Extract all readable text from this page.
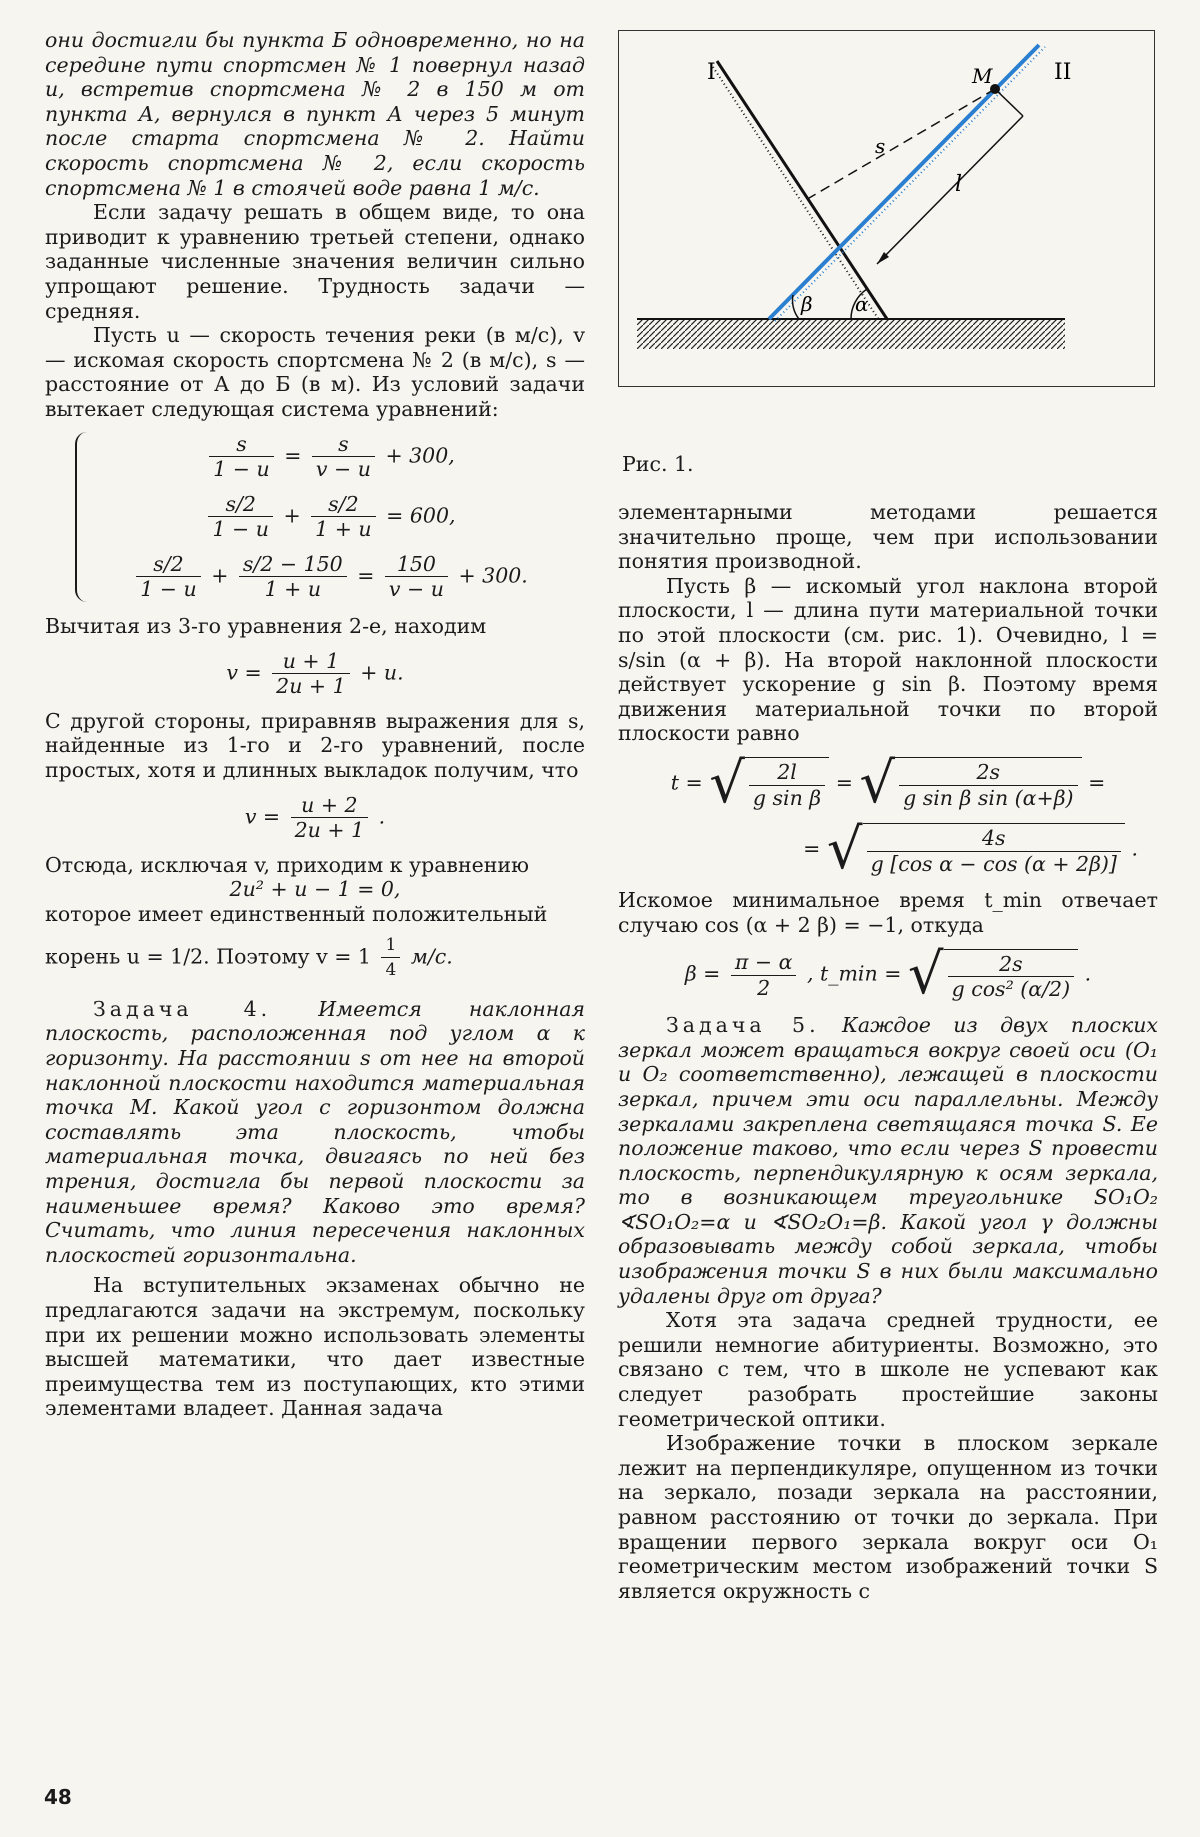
они достигли бы пункта Б одновременно, но на середине пути спортсмен № 1 повернул назад и, встретив спортсмена № 2 в 150 м от пункта А, вернулся в пункт А через 5 минут после старта спортсмена № 2. Найти скорость спортсмена № 2, если скорость спортсмена № 1 в стоячей воде равна 1 м/с.

Если задачу решать в общем виде, то она приводит к уравнению третьей степени, однако заданные численные значения величин сильно упрощают решение. Трудность задачи — средняя.

Пусть u — скорость течения реки (в м/с), v — искомая скорость спортсмена № 2 (в м/с), s — расстояние от А до Б (в м). Из условий задачи вытекает следующая система уравнений:

$\frac{s}{1 - u} = \frac{s}{v - u} + 300$,
$\frac{s/2}{1 - u} + \frac{s/2}{1 + u} = 600$,
$\frac{s/2}{1 - u} + \frac{s/2 - 150}{1 + u} = \frac{150}{v - u} + 300$.

Вычитая из 3-го уравнения 2-е, находим

$v = \frac{u + 1}{2u + 1} + u$.

С другой стороны, приравняв выражения для s, найденные из 1-го и 2-го уравнений, после простых, хотя и длинных выкладок получим, что

$v = \frac{u + 2}{2u + 1}$ .

Отсюда, исключая v, приходим к уравнению

2u² + u − 1 = 0,

которое имеет единственный положительный

корень u = 1/2. Поэтому $v = 1 \frac{1}{4} м/с$.

Задача 4. Имеется наклонная плоскость, расположенная под углом α к горизонту. На расстоянии s от нее на второй наклонной плоскости находится материальная точка М. Какой угол с горизонтом должна составлять эта плоскость, чтобы материальная точка, двигаясь по ней без трения, достигла бы первой плоскости за наименьшее время? Каково это время? Считать, что линия пересечения наклонных плоскостей горизонтальна.

На вступительных экзаменах обычно не предлагаются задачи на экстремум, поскольку при их решении можно использовать элементы высшей математики, что дает известные преимущества тем из поступающих, кто этими элементами владеет. Данная задача

I	II
M
s
l
β α
Рис. 1.

элементарными методами решается значительно проще, чем при использовании понятия производной.

Пусть β — искомый угол наклона второй плоскости, l — длина пути материальной точки по этой плоскости (см. рис. 1). Очевидно, l = s/sin (α + β). На второй наклонной плоскости действует ускорение g sin β. Поэтому время движения материальной точки по второй плоскости равно

t = √ $\frac{2l}{\text{g sin β}}$ = √ $\frac{2s}{\text{g sin β sin (α+β)}}$ =
= √ $\frac{4s}{\text{g [cos α − cos (α + 2β)]}}$ .

Искомое минимальное время t_min отвечает случаю cos (α + 2 β) = −1, откуда

$\beta = \frac{\pi - \alpha}{2}$ , t_min = √ $\frac{2s}{\text{g cos² (α/2)}}$ .

Задача 5. Каждое из двух плоских зеркал может вращаться вокруг своей оси (O₁ и O₂ соответственно), лежащей в плоскости зеркал, причем эти оси параллельны. Между зеркалами закреплена светящаяся точка S. Ее положение таково, что если через S провести плоскость, перпендикулярную к осям зеркала, то в возникающем треугольнике SO₁O₂ ∢SO₁O₂=α и ∢SO₂O₁=β. Какой угол γ должны образовывать между собой зеркала, чтобы изображения точки S в них были максимально удалены друг от друга?

Хотя эта задача средней трудности, ее решили немногие абитуриенты. Возможно, это связано с тем, что в школе не успевают как следует разобрать простейшие законы геометрической оптики.

Изображение точки в плоском зеркале лежит на перпендикуляре, опущенном из точки на зеркало, позади зеркала на расстоянии, равном расстоянию от точки до зеркала. При вращении первого зеркала вокруг оси O₁ геометрическим местом изображений точки S является окружность с

48
